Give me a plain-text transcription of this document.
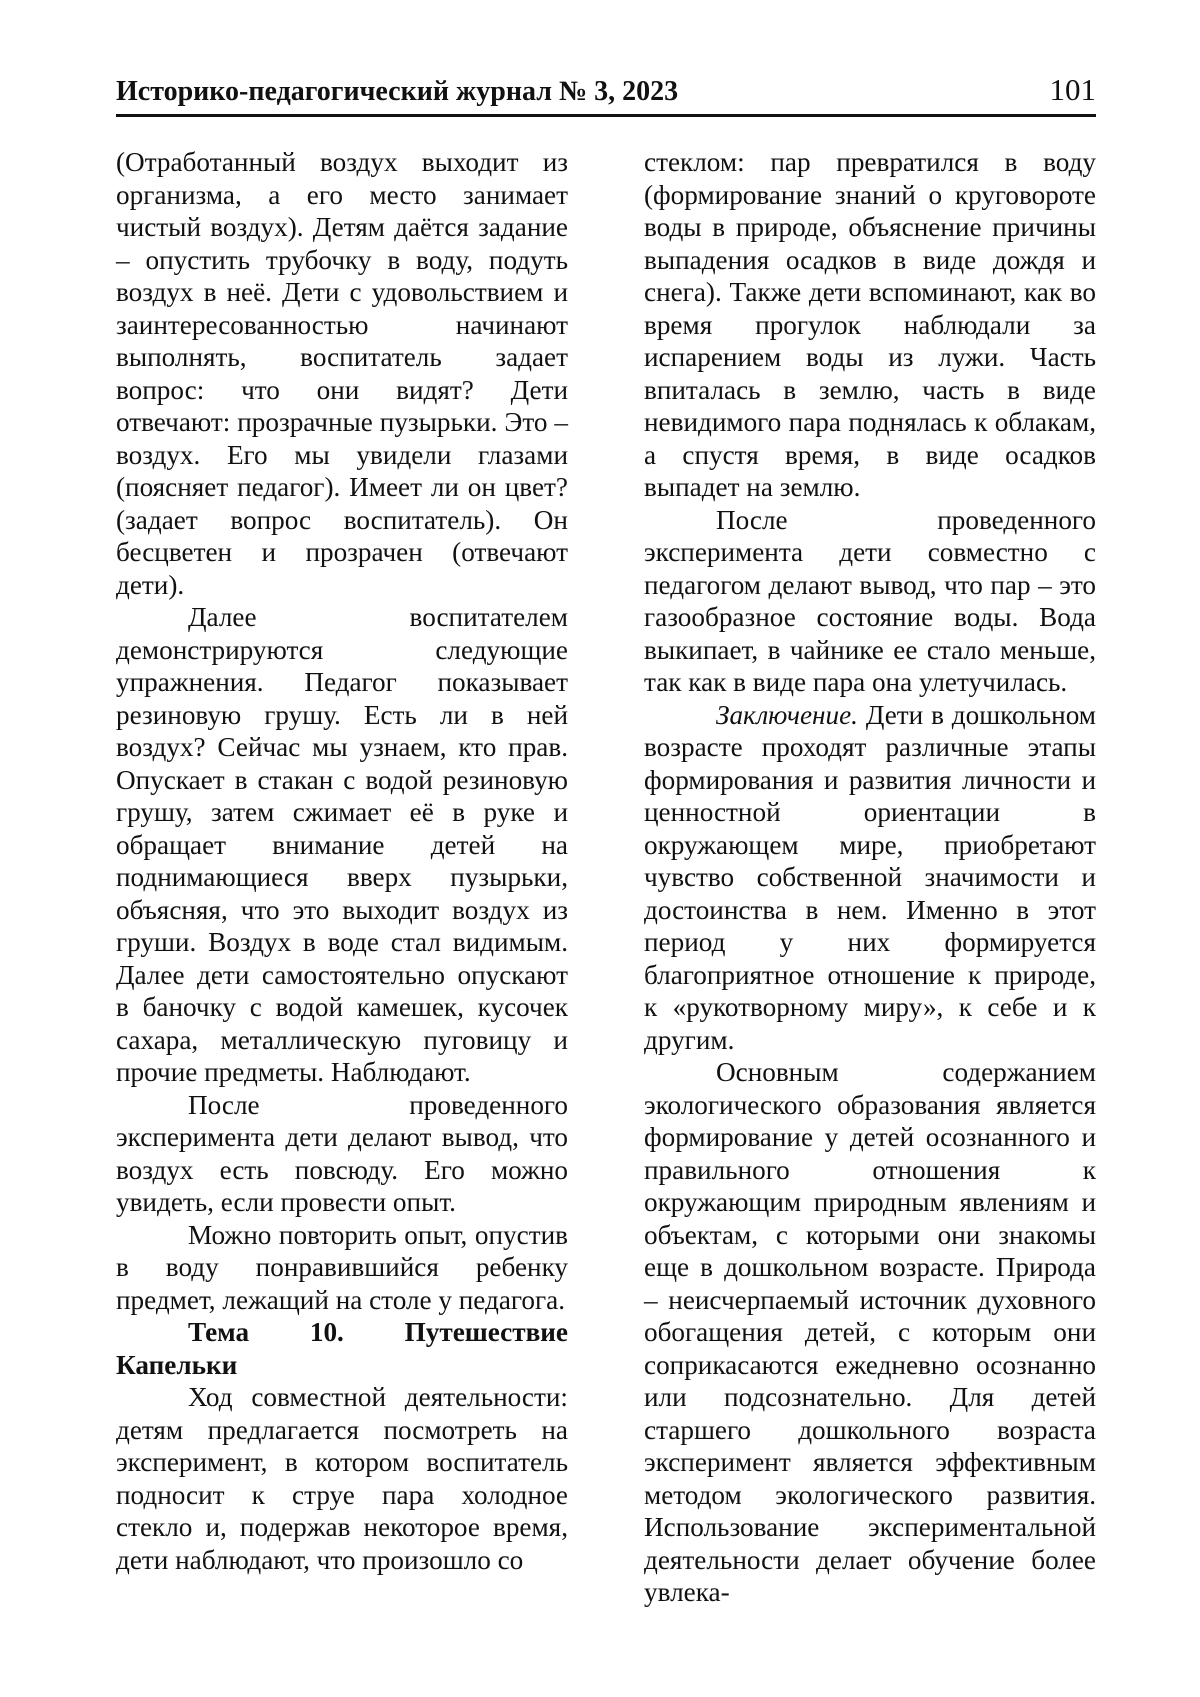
Историко-педагогический журнал № 3, 2023	101

(Отработанный воздух выходит из организма, а его место занимает чистый воздух). Детям даётся задание – опустить трубочку в воду, подуть воздух в неё. Дети с удовольствием и заинтересованностью начинают выполнять, воспитатель задает вопрос: что они видят? Дети отвечают: прозрачные пузырьки. Это – воздух. Его мы увидели глазами (поясняет педагог). Имеет ли он цвет? (задает вопрос воспитатель). Он бесцветен и прозрачен (отвечают дети).

Далее воспитателем демонстрируются следующие упражнения. Педагог показывает резиновую грушу. Есть ли в ней воздух? Сейчас мы узнаем, кто прав. Опускает в стакан с водой резиновую грушу, затем сжимает её в руке и обращает внимание детей на поднимающиеся вверх пузырьки, объясняя, что это выходит воздух из груши. Воздух в воде стал видимым. Далее дети самостоятельно опускают в баночку с водой камешек, кусочек сахара, металлическую пуговицу и прочие предметы. Наблюдают.

После проведенного эксперимента дети делают вывод, что воздух есть повсюду. Его можно увидеть, если провести опыт.

Можно повторить опыт, опустив в воду понравившийся ребенку предмет, лежащий на столе у педагога.

Тема 10. Путешествие Капельки

Ход совместной деятельности: детям предлагается посмотреть на эксперимент, в котором воспитатель подносит к струе пара холодное стекло и, подержав некоторое время, дети наблюдают, что произошло со

стеклом: пар превратился в воду (формирование знаний о круговороте воды в природе, объяснение причины выпадения осадков в виде дождя и снега). Также дети вспоминают, как во время прогулок наблюдали за испарением воды из лужи. Часть впиталась в землю, часть в виде невидимого пара поднялась к облакам, а спустя время, в виде осадков выпадет на землю.

После проведенного эксперимента дети совместно с педагогом делают вывод, что пар – это газообразное состояние воды. Вода выкипает, в чайнике ее стало меньше, так как в виде пара она улетучилась.

Заключение. Дети в дошкольном возрасте проходят различные этапы формирования и развития личности и ценностной ориентации в окружающем мире, приобретают чувство собственной значимости и достоинства в нем. Именно в этот период у них формируется благоприятное отношение к природе, к «рукотворному миру», к себе и к другим.

Основным содержанием экологического образования является формирование у детей осознанного и правильного отношения к окружающим природным явлениям и объектам, с которыми они знакомы еще в дошкольном возрасте. Природа – неисчерпаемый источник духовного обогащения детей, с которым они соприкасаются ежедневно осознанно или подсознательно. Для детей старшего дошкольного возраста эксперимент является эффективным методом экологического развития. Использование экспериментальной деятельности делает обучение более увлека-
